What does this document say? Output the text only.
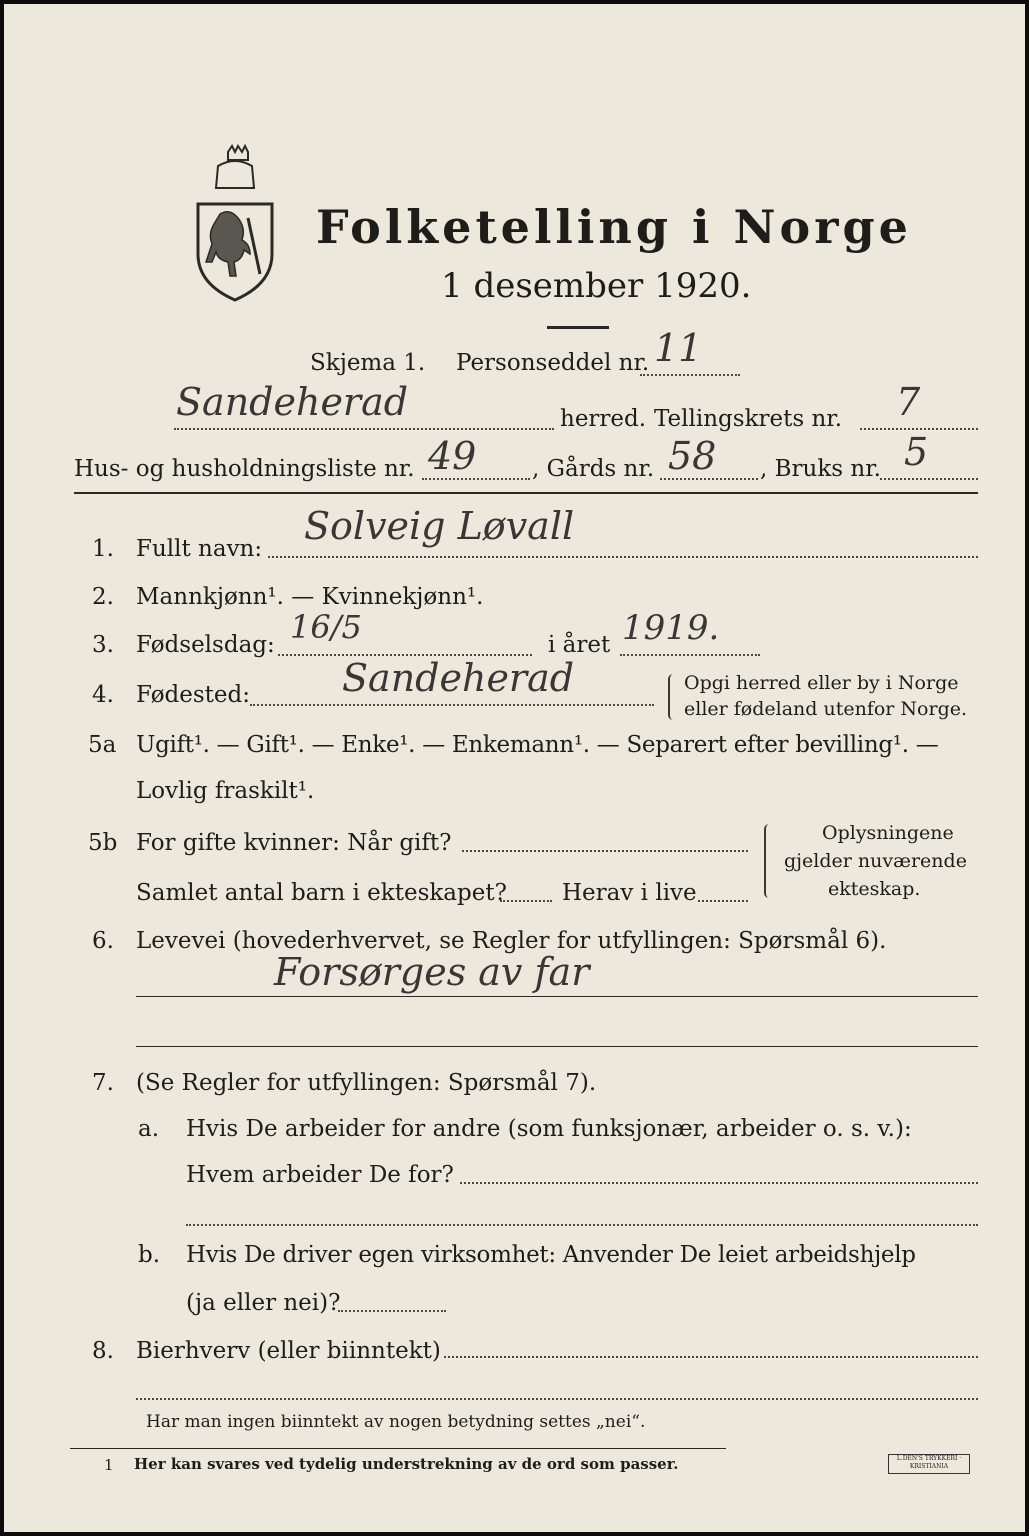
Folketelling i Norge
1 desember 1920.
Skjema 1. Personseddel nr. 11
Sandeherad	herred. Tellingskrets nr. 7
Hus- og husholdningsliste nr. 49 , Gårds nr. 58 , Bruks nr. 5
1. Fullt navn:
Solveig Løvall
2. Mannkjønn¹. — Kvinnekjønn¹.
3. Fødselsdag: 16/5	i året 1919.
4. Fødested: Sandeherad	Opgi herred eller by i Norge
eller fødeland utenfor Norge.
5a Ugift¹. — Gift¹. — Enke¹. — Enkemann¹. — Separert efter bevilling¹. —
Lovlig fraskilt¹.
5b For gifte kvinner: Når gift?
Samlet antal barn i ekteskapet? Herav i live
Oplysningene
gjelder nuværende
ekteskap.
6. Levevei (hovederhvervet, se Regler for utfyllingen: Spørsmål 6).
Forsørges av far
7. (Se Regler for utfyllingen: Spørsmål 7).
a. Hvis De arbeider for andre (som funksjonær, arbeider o. s. v.):
Hvem arbeider De for?
b. Hvis De driver egen virksomhet: Anvender De leiet arbeidshjelp
(ja eller nei)?
8. Bierhverv (eller biinntekt)
Har man ingen biinntekt av nogen betydning settes „nei“.
1 Her kan svares ved tydelig understrekning av de ord som passer.	L.DEN'S TRYKKERI · KRISTIANIA
